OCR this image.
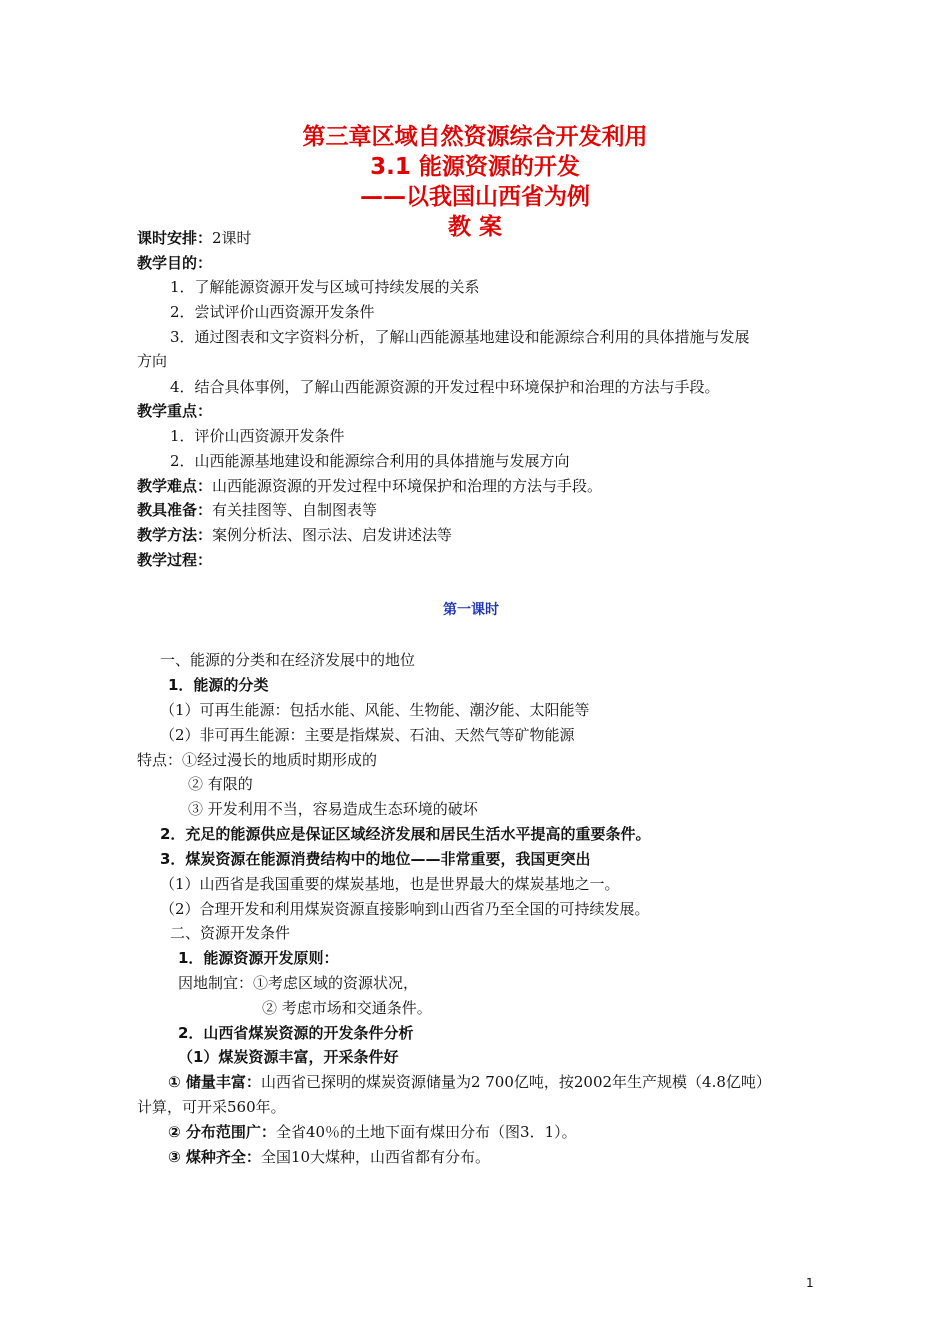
第三章区域自然资源综合开发利用
3.1 能源资源的开发
——以我国山西省为例
教 案
课时安排：2课时
教学目的：
1．了解能源资源开发与区域可持续发展的关系
2．尝试评价山西资源开发条件
3．通过图表和文字资料分析，了解山西能源基地建设和能源综合利用的具体措施与发展
方向
4．结合具体事例，了解山西能源资源的开发过程中环境保护和治理的方法与手段。
教学重点：
1．评价山西资源开发条件
2．山西能源基地建设和能源综合利用的具体措施与发展方向
教学难点：山西能源资源的开发过程中环境保护和治理的方法与手段。
教具准备：有关挂图等、自制图表等
教学方法：案例分析法、图示法、启发讲述法等
教学过程：
第一课时
一、能源的分类和在经济发展中的地位
1．能源的分类
（1）可再生能源：包括水能、风能、生物能、潮汐能、太阳能等
（2）非可再生能源：主要是指煤炭、石油、天然气等矿物能源
特点：①经过漫长的地质时期形成的
② 有限的
③ 开发利用不当，容易造成生态环境的破坏
2．充足的能源供应是保证区域经济发展和居民生活水平提高的重要条件。
3．煤炭资源在能源消费结构中的地位——非常重要，我国更突出
（1）山西省是我国重要的煤炭基地，也是世界最大的煤炭基地之一。
（2）合理开发和利用煤炭资源直接影响到山西省乃至全国的可持续发展。
二、资源开发条件
1．能源资源开发原则：
因地制宜：①考虑区域的资源状况，
② 考虑市场和交通条件。
2．山西省煤炭资源的开发条件分析
（1）煤炭资源丰富，开采条件好
① 储量丰富：山西省已探明的煤炭资源储量为2 700亿吨，按2002年生产规模（4.8亿吨）
计算，可开采560年。
② 分布范围广：全省40％的土地下面有煤田分布（图3．1）。
③ 煤种齐全：全国10大煤种，山西省都有分布。
1
